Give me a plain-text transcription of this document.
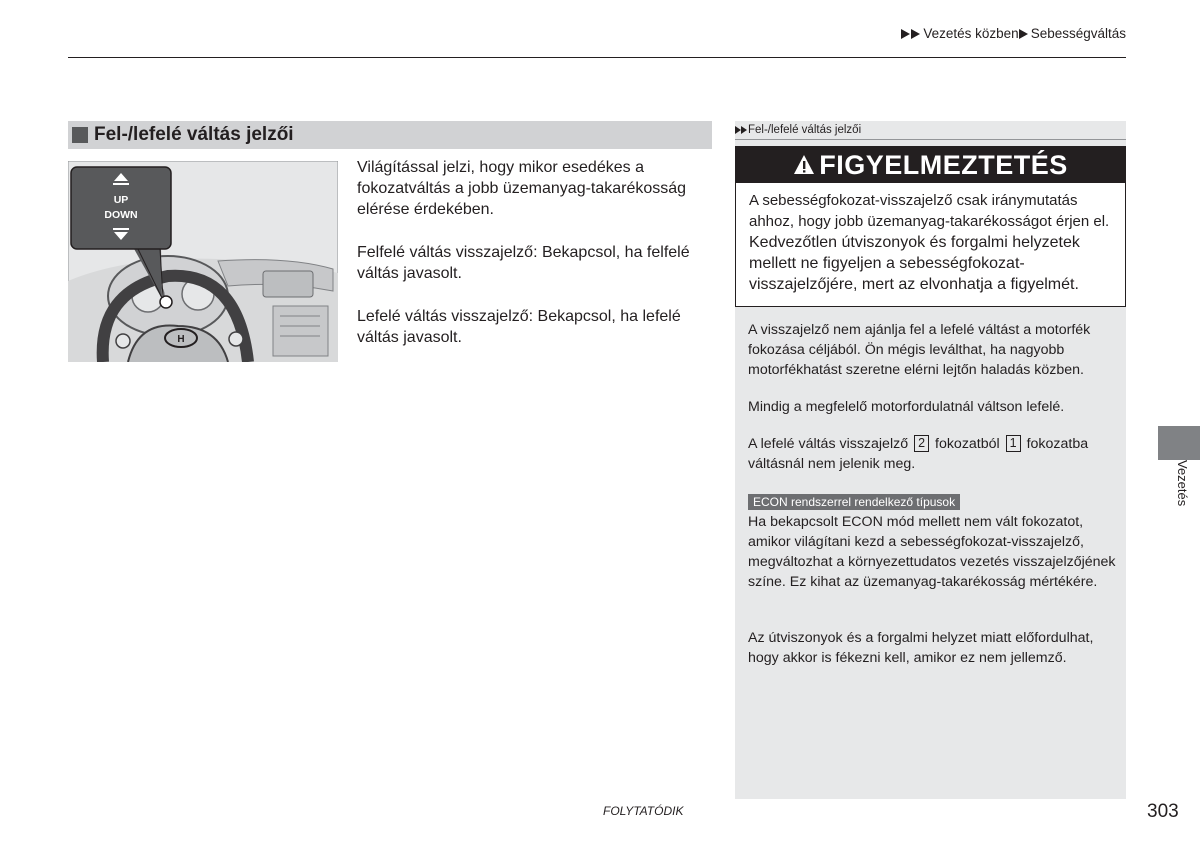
Vezetés közben Sebességváltás
Fel-/lefelé váltás jelzői
H
UP
DOWN
Világítással jelzi, hogy mikor esedékes a fokozatváltás a jobb üzemanyag-takarékosság elérése érdekében.
Felfelé váltás visszajelző: Bekapcsol, ha felfelé váltás javasolt.
Lefelé váltás visszajelző: Bekapcsol, ha lefelé váltás javasolt.
Fel-/lefelé váltás jelzői
FIGYELMEZTETÉS
A sebességfokozat-visszajelző csak iránymutatás ahhoz, hogy jobb üzemanyag-takarékosságot érjen el.
Kedvezőtlen útviszonyok és forgalmi helyzetek mellett ne figyeljen a sebességfokozat-visszajelzőjére, mert az elvonhatja a figyelmét.
A visszajelző nem ajánlja fel a lefelé váltást a motorfék fokozása céljából. Ön mégis leválthat, ha nagyobb motorfékhatást szeretne elérni lejtőn haladás közben.
Mindig a megfelelő motorfordulatnál váltson lefelé.
A lefelé váltás visszajelző 2 fokozatból 1 fokozatba váltásnál nem jelenik meg.
ECON rendszerrel rendelkező típusok
Ha bekapcsolt ECON mód mellett nem vált fokozatot, amikor világítani kezd a sebességfokozat-visszajelző, megváltozhat a környezettudatos vezetés visszajelzőjének színe. Ez kihat az üzemanyag-takarékosság mértékére.
Az útviszonyok és a forgalmi helyzet miatt előfordulhat, hogy akkor is fékezni kell, amikor ez nem jellemző.
Vezetés
FOLYTATÓDIK	303
